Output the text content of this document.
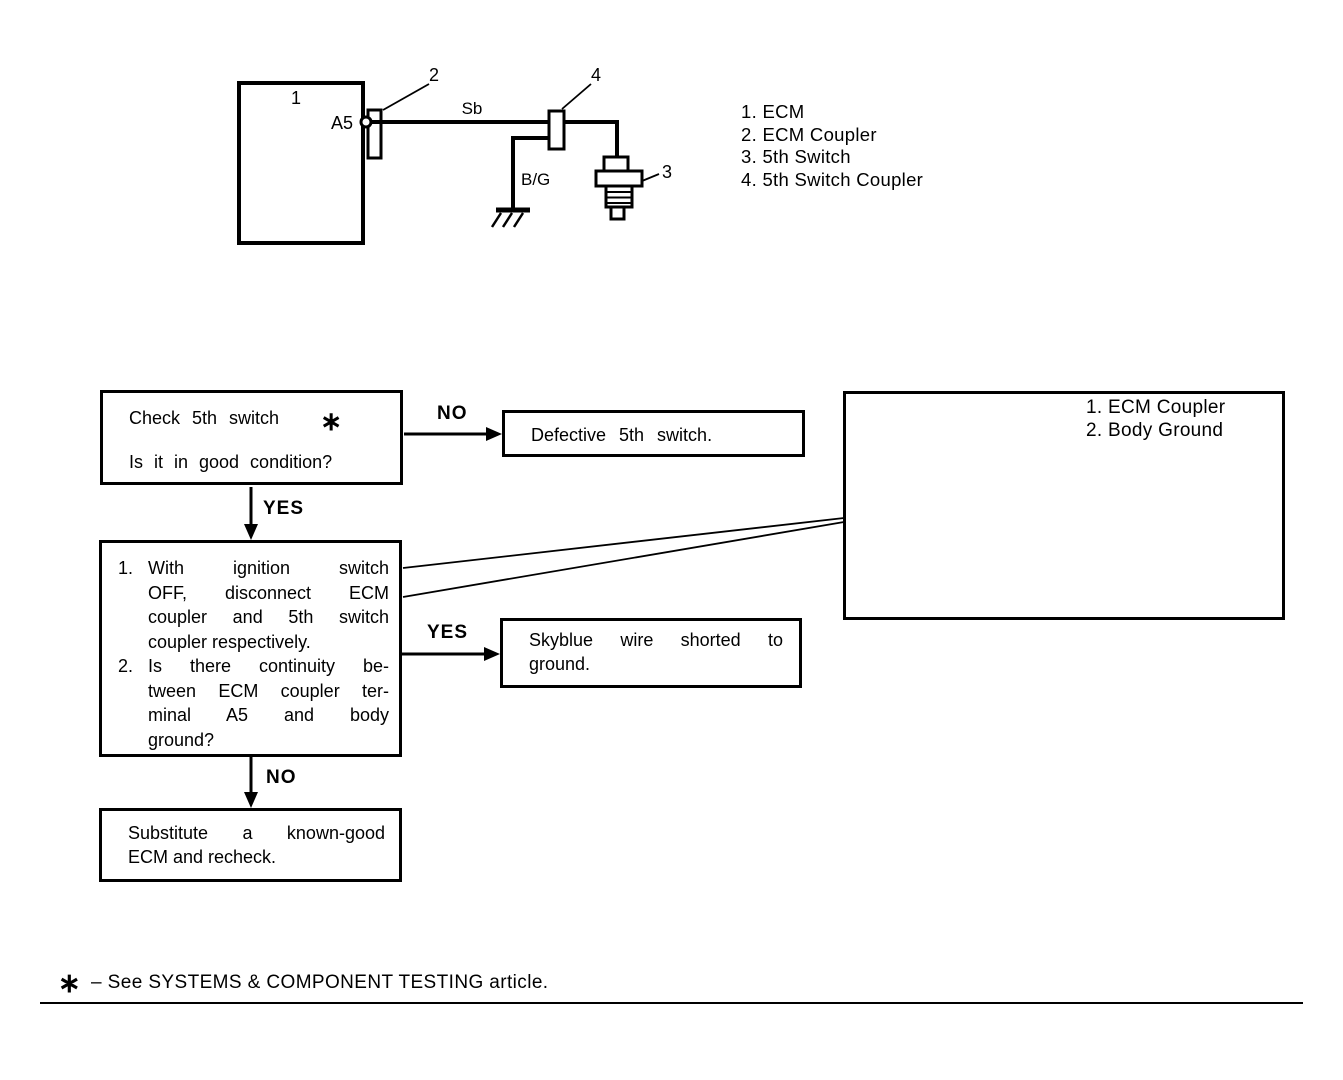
1
A5
2
Sb
4
B/G	3
1. ECM
2. ECM Coupler
3. 5th Switch
4. 5th Switch Coupler
Check 5th switch ∗
Is it in good condition?
NO
Defective 5th switch.
YES
1. With ignition switch
OFF, disconnect ECM
coupler and 5th switch
coupler respectively.
2. Is there continuity be-
tween ECM coupler ter-
minal A5 and body
ground?
YES	Skyblue wire shorted to
ground.
NO
Substitute a known-good
ECM and recheck.
1. ECM Coupler
2. Body Ground
∗ – See SYSTEMS & COMPONENT TESTING article.
